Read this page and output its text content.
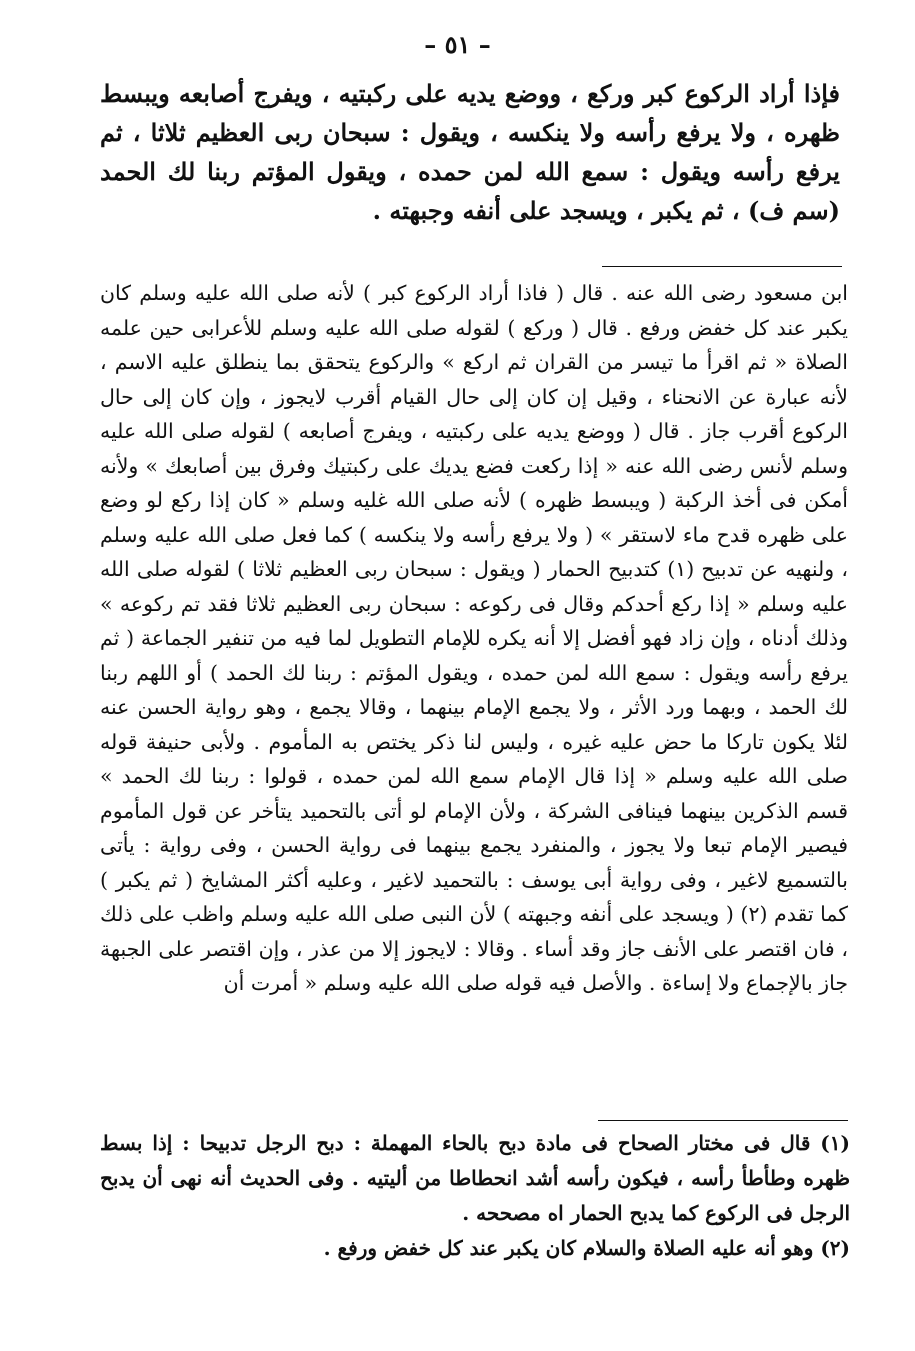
– ٥١ –

فإذا أراد الركوع كبر وركع ، ووضع يديه على ركبتيه ، ويفرج أصابعه ويبسط ظهره ، ولا يرفع رأسه ولا ينكسه ، ويقول : سبحان ربى العظيم ثلاثا ، ثم يرفع رأسه ويقول : سمع الله لمن حمده ، ويقول المؤتم ربنا لك الحمد (سم ف) ، ثم يكبر ، ويسجد على أنفه وجبهته .

ابن مسعود رضى الله عنه . قال ( فاذا أراد الركوع كبر ) لأنه صلى الله عليه وسلم كان يكبر عند كل خفض ورفع . قال ( وركع ) لقوله صلى الله عليه وسلم للأعرابى حين علمه الصلاة « ثم اقرأ ما تيسر من القران ثم اركع » والركوع يتحقق بما ينطلق عليه الاسم ، لأنه عبارة عن الانحناء ، وقيل إن كان إلى حال القيام أقرب لايجوز ، وإن كان إلى حال الركوع أقرب جاز . قال ( ووضع يديه على ركبتيه ، ويفرج أصابعه ) لقوله صلى الله عليه وسلم لأنس رضى الله عنه « إذا ركعت فضع يديك على ركبتيك وفرق بين أصابعك » ولأنه أمكن فى أخذ الركبة ( ويبسط ظهره ) لأنه صلى الله غليه وسلم « كان إذا ركع لو وضع على ظهره قدح ماء لاستقر » ( ولا يرفع رأسه ولا ينكسه ) كما فعل صلى الله عليه وسلم ، ولنهيه عن تدبيح (١) كتدبيح الحمار ( ويقول : سبحان ربى العظيم ثلاثا ) لقوله صلى الله عليه وسلم « إذا ركع أحدكم وقال فى ركوعه : سبحان ربى العظيم ثلاثا فقد تم ركوعه » وذلك أدناه ، وإن زاد فهو أفضل إلا أنه يكره للإمام التطويل لما فيه من تنفير الجماعة ( ثم يرفع رأسه ويقول : سمع الله لمن حمده ، ويقول المؤتم : ربنا لك الحمد ) أو اللهم ربنا لك الحمد ، وبهما ورد الأثر ، ولا يجمع الإمام بينهما ، وقالا يجمع ، وهو رواية الحسن عنه لئلا يكون تاركا ما حض عليه غيره ، وليس لنا ذكر يختص به المأموم . ولأبى حنيفة قوله صلى الله عليه وسلم « إذا قال الإمام سمع الله لمن حمده ، قولوا : ربنا لك الحمد » قسم الذكرين بينهما فينافى الشركة ، ولأن الإمام لو أتى بالتحميد يتأخر عن قول المأموم فيصير الإمام تبعا ولا يجوز ، والمنفرد يجمع بينهما فى رواية الحسن ، وفى رواية : يأتى بالتسميع لاغير ، وفى رواية أبى يوسف : بالتحميد لاغير ، وعليه أكثر المشايخ ( ثم يكبر ) كما تقدم (٢) ( ويسجد على أنفه وجبهته ) لأن النبى صلى الله عليه وسلم واظب على ذلك ، فان اقتصر على الأنف جاز وقد أساء . وقالا : لايجوز إلا من عذر ، وإن اقتصر على الجبهة جاز بالإجماع ولا إساءة . والأصل فيه قوله صلى الله عليه وسلم « أمرت أن

(١) قال فى مختار الصحاح فى مادة دبح بالحاء المهملة : دبح الرجل تدبيحا : إذا بسط ظهره وطأطأ رأسه ، فيكون رأسه أشد انحطاطا من أليتيه . وفى الحديث أنه نهى أن يدبح الرجل فى الركوع كما يدبح الحمار اه مصححه .

(٢) وهو أنه عليه الصلاة والسلام كان يكبر عند كل خفض ورفع .
